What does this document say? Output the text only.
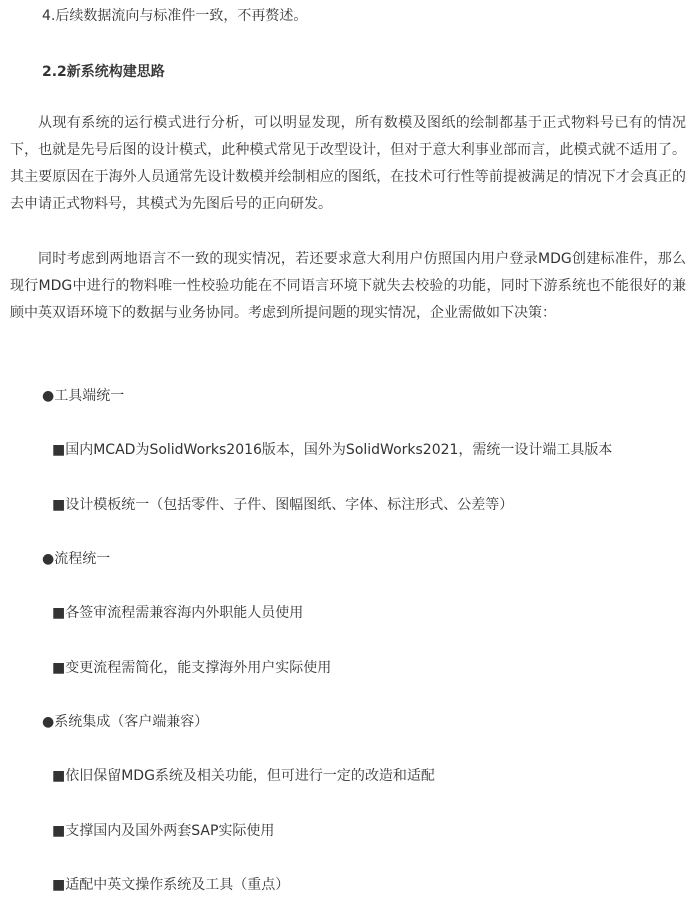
4.后续数据流向与标准件一致，不再赘述。
2.2新系统构建思路
从现有系统的运行模式进行分析，可以明显发现，所有数模及图纸的绘制都基于正式物料号已有的情况下，也就是先号后图的设计模式，此种模式常见于改型设计，但对于意大利事业部而言，此模式就不适用了。其主要原因在于海外人员通常先设计数模并绘制相应的图纸，在技术可行性等前提被满足的情况下才会真正的去申请正式物料号，其模式为先图后号的正向研发。
同时考虑到两地语言不一致的现实情况，若还要求意大利用户仿照国内用户登录MDG创建标准件，那么现行MDG中进行的物料唯一性校验功能在不同语言环境下就失去校验的功能，同时下游系统也不能很好的兼顾中英双语环境下的数据与业务协同。考虑到所提问题的现实情况，企业需做如下决策：
●工具端统一
■国内MCAD为SolidWorks2016版本，国外为SolidWorks2021，需统一设计端工具版本
■设计模板统一（包括零件、子件、图幅图纸、字体、标注形式、公差等）
●流程统一
■各签审流程需兼容海内外职能人员使用
■变更流程需简化，能支撑海外用户实际使用
●系统集成（客户端兼容）
■依旧保留MDG系统及相关功能，但可进行一定的改造和适配
■支撑国内及国外两套SAP实际使用
■适配中英文操作系统及工具（重点）
